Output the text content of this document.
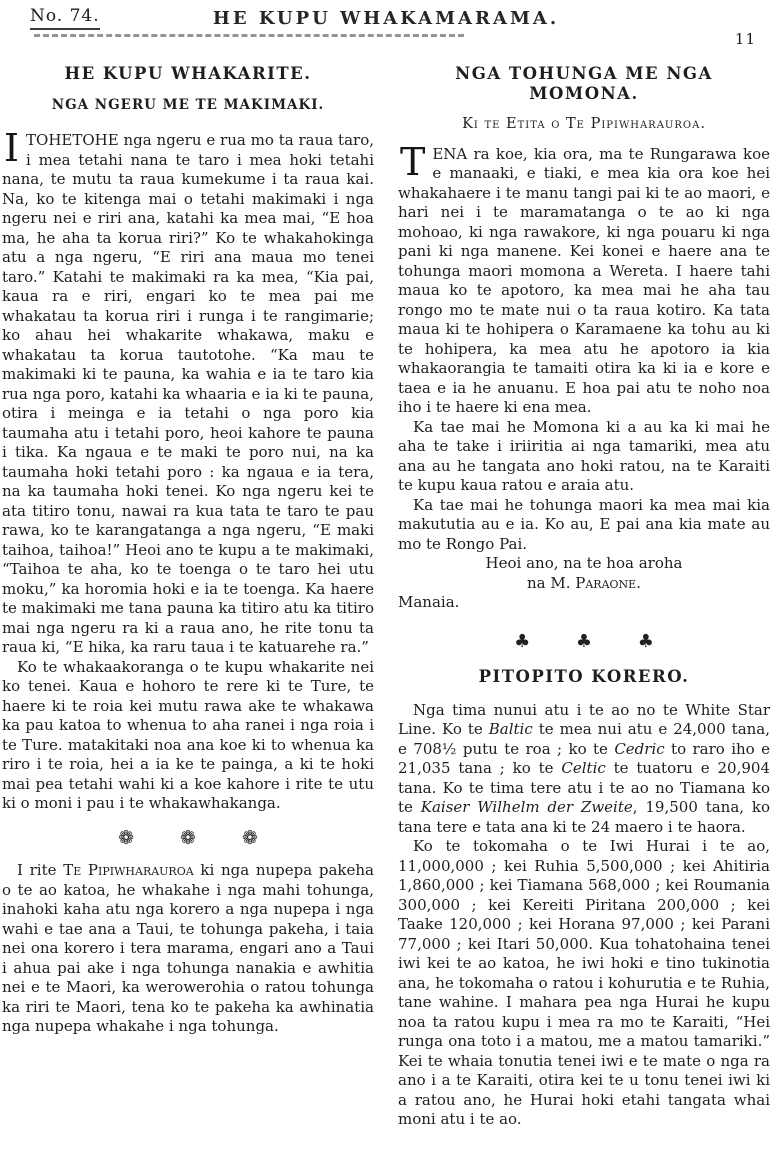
No. 74.	HE KUPU WHAKAMARAMA.
11
HE KUPU WHAKARITE.
NGA NGERU ME TE MAKIMAKI.

ITOHETOHE nga ngeru e rua mo ta raua taro, i mea tetahi nana te taro i mea hoki tetahi nana, te mutu ta raua kumekume i ta raua kai. Na, ko te kitenga mai o tetahi makimaki i nga ngeru nei e riri ana, katahi ka mea mai, “E hoa ma, he aha ta korua riri?” Ko te whakahokinga atu a nga ngeru, “E riri ana maua mo tenei taro.” Katahi te makimaki ra ka mea, “Kia pai, kaua ra e riri, engari ko te mea pai me whakatau ta korua riri i runga i te rangimarie; ko ahau hei whakarite whakawa, maku e whakatau ta korua tautotohe. “Ka mau te makimaki ki te pauna, ka wahia e ia te taro kia rua nga poro, katahi ka whaaria e ia ki te pauna, otira i meinga e ia tetahi o nga poro kia taumaha atu i tetahi poro, heoi kahore te pauna i tika. Ka ngaua e te maki te poro nui, na ka taumaha hoki tetahi poro : ka ngaua e ia tera, na ka taumaha hoki tenei. Ko nga ngeru kei te ata titiro tonu, nawai ra kua tata te taro te pau rawa, ko te karangatanga a nga ngeru, “E maki taihoa, taihoa!” Heoi ano te kupu a te makimaki, “Taihoa te aha, ko te toenga o te taro hei utu moku,” ka horomia hoki e ia te toenga. Ka haere te makimaki me tana pauna ka titiro atu ka titiro mai nga ngeru ra ki a raua ano, he rite tonu ta raua ki, “E hika, ka raru taua i te katuarehe ra.”

Ko te whakaakoranga o te kupu whakarite nei ko tenei. Kaua e hohoro te rere ki te Ture, te haere ki te roia kei mutu rawa ake te whakawa ka pau katoa to whenua to aha ranei i nga roia i te Ture. matakitaki noa ana koe ki to whenua ka riro i te roia, hei a ia ke te painga, a ki te hoki mai pea tetahi wahi ki a koe kahore i rite te utu ki o moni i pau i te whakawhakanga.

❁ ❁ ❁

I rite Te Pipiwharauroa ki nga nupepa pakeha o te ao katoa, he whakahe i nga mahi tohunga, inahoki kaha atu nga korero a nga nupepa i nga wahi e tae ana a Taui, te tohunga pakeha, i taia nei ona korero i tera marama, engari ano a Taui i ahua pai ake i nga tohunga nanakia e awhitia nei e te Maori, ka werowerohia o ratou tohunga ka riri te Maori, tena ko te pakeha ka awhinatia nga nupepa whakahe i nga tohunga.

NGA TOHUNGA ME NGA MOMONA.
Ki te Etita o Te Pipiwharauroa.

TENA ra koe, kia ora, ma te Rungarawa koe e manaaki, e tiaki, e mea kia ora koe hei whakahaere i te manu tangi pai ki te ao maori, e hari nei i te maramatanga o te ao ki nga mohoao, ki nga rawakore, ki nga pouaru ki nga pani ki nga manene. Kei konei e haere ana te tohunga maori momona a Wereta. I haere tahi maua ko te apotoro, ka mea mai he aha tau rongo mo te mate nui o ta raua kotiro. Ka tata maua ki te hohipera o Karamaene ka tohu au ki te hohipera, ka mea atu he apotoro ia kia whakaorangia te tamaiti otira ka ki ia e kore e taea e ia he anuanu. E hoa pai atu te noho noa iho i te haere ki ena mea.

Ka tae mai he Momona ki a au ka ki mai he aha te take i iriiritia ai nga tamariki, mea atu ana au he tangata ano hoki ratou, na te Karaiti te kupu kaua ratou e araia atu.

Ka tae mai he tohunga maori ka mea mai kia makututia au e ia. Ko au, E pai ana kia mate au mo te Rongo Pai.

Heoi ano, na te hoa aroha

na M. Paraone.

Manaia.

♣ ♣ ♣
PITOPITO KORERO.

Nga tima nunui atu i te ao no te White Star Line. Ko te Baltic te mea nui atu e 24,000 tana, e 708½ putu te roa ; ko te Cedric to raro iho e 21,035 tana ; ko te Celtic te tuatoru e 20,904 tana. Ko te tima tere atu i te ao no Tiamana ko te Kaiser Wilhelm der Zweite, 19,500 tana, ko tana tere e tata ana ki te 24 maero i te haora.

Ko te tokomaha o te Iwi Hurai i te ao, 11,000,000 ; kei Ruhia 5,500,000 ; kei Ahitiria 1,860,000 ; kei Tiamana 568,000 ; kei Roumania 300,000 ; kei Kereiti Piritana 200,000 ; kei Taake 120,000 ; kei Horana 97,000 ; kei Parani 77,000 ; kei Itari 50,000. Kua tohatohaina tenei iwi kei te ao katoa, he iwi hoki e tino tukinotia ana, he tokomaha o ratou i kohurutia e te Ruhia, tane wahine. I mahara pea nga Hurai he kupu noa ta ratou kupu i mea ra mo te Karaiti, “Hei runga ona toto i a matou, me a matou tamariki.” Kei te whaia tonutia tenei iwi e te mate o nga ra ano i a te Karaiti, otira kei te u tonu tenei iwi ki a ratou ano, he Hurai hoki etahi tangata whai moni atu i te ao.
